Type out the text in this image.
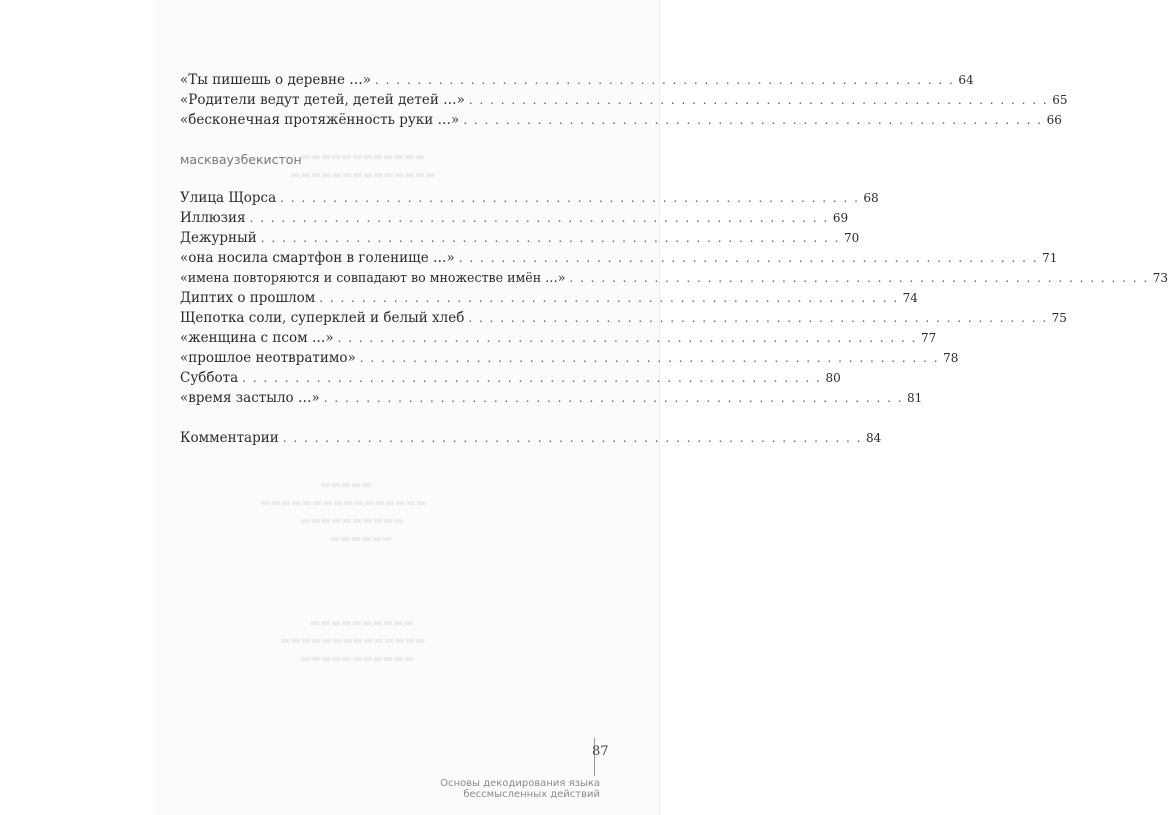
▬▬▬▬▬▬▬▬▬▬▬▬
▬▬▬▬▬▬▬▬▬▬▬▬▬▬
▬▬▬▬▬
▬▬▬▬▬▬▬▬▬▬▬▬▬▬▬▬
▬▬▬▬▬▬▬▬▬▬
▬▬▬▬▬▬
▬▬▬▬▬▬▬▬▬▬
▬▬▬▬▬▬▬▬▬▬▬▬▬▬
▬▬▬▬▬▬▬▬▬▬▬
«Ты пишешь о деревне …» . . . . . . . . . . . . . . . . . . . . . . . . . . . . . . . . . . . . . . . . . . . . . . . . . . . . . . . 64
«Родители ведут детей, детей детей …» . . . . . . . . . . . . . . . . . . . . . . . . . . . . . . . . . . . . . . . . . . . . . . . . . . . . . . . 65
«бесконечная протяжённость руки …» . . . . . . . . . . . . . . . . . . . . . . . . . . . . . . . . . . . . . . . . . . . . . . . . . . . . . . . 66
масквaузбекистон
Улица Щорса . . . . . . . . . . . . . . . . . . . . . . . . . . . . . . . . . . . . . . . . . . . . . . . . . . . . . . . 68
Иллюзия . . . . . . . . . . . . . . . . . . . . . . . . . . . . . . . . . . . . . . . . . . . . . . . . . . . . . . . 69
Дежурный . . . . . . . . . . . . . . . . . . . . . . . . . . . . . . . . . . . . . . . . . . . . . . . . . . . . . . . 70
«она носила смартфон в голенище …» . . . . . . . . . . . . . . . . . . . . . . . . . . . . . . . . . . . . . . . . . . . . . . . . . . . . . . . 71
«имена повторяются и совпадают во множестве имён …» . . . . . . . . . . . . . . . . . . . . . . . . . . . . . . . . . . . . . . . . . . . . . . . . . . . . . . . 73
Диптих о прошлом . . . . . . . . . . . . . . . . . . . . . . . . . . . . . . . . . . . . . . . . . . . . . . . . . . . . . . . 74
Щепотка соли, суперклей и белый хлеб . . . . . . . . . . . . . . . . . . . . . . . . . . . . . . . . . . . . . . . . . . . . . . . . . . . . . . . 75
«женщина с псом …» . . . . . . . . . . . . . . . . . . . . . . . . . . . . . . . . . . . . . . . . . . . . . . . . . . . . . . . 77
«прошлое неотвратимо» . . . . . . . . . . . . . . . . . . . . . . . . . . . . . . . . . . . . . . . . . . . . . . . . . . . . . . . 78
Суббота . . . . . . . . . . . . . . . . . . . . . . . . . . . . . . . . . . . . . . . . . . . . . . . . . . . . . . . 80
«время застыло …» . . . . . . . . . . . . . . . . . . . . . . . . . . . . . . . . . . . . . . . . . . . . . . . . . . . . . . . 81
Комментарии . . . . . . . . . . . . . . . . . . . . . . . . . . . . . . . . . . . . . . . . . . . . . . . . . . . . . . . 84
87
Основы декодирования языка бессмысленных действий
